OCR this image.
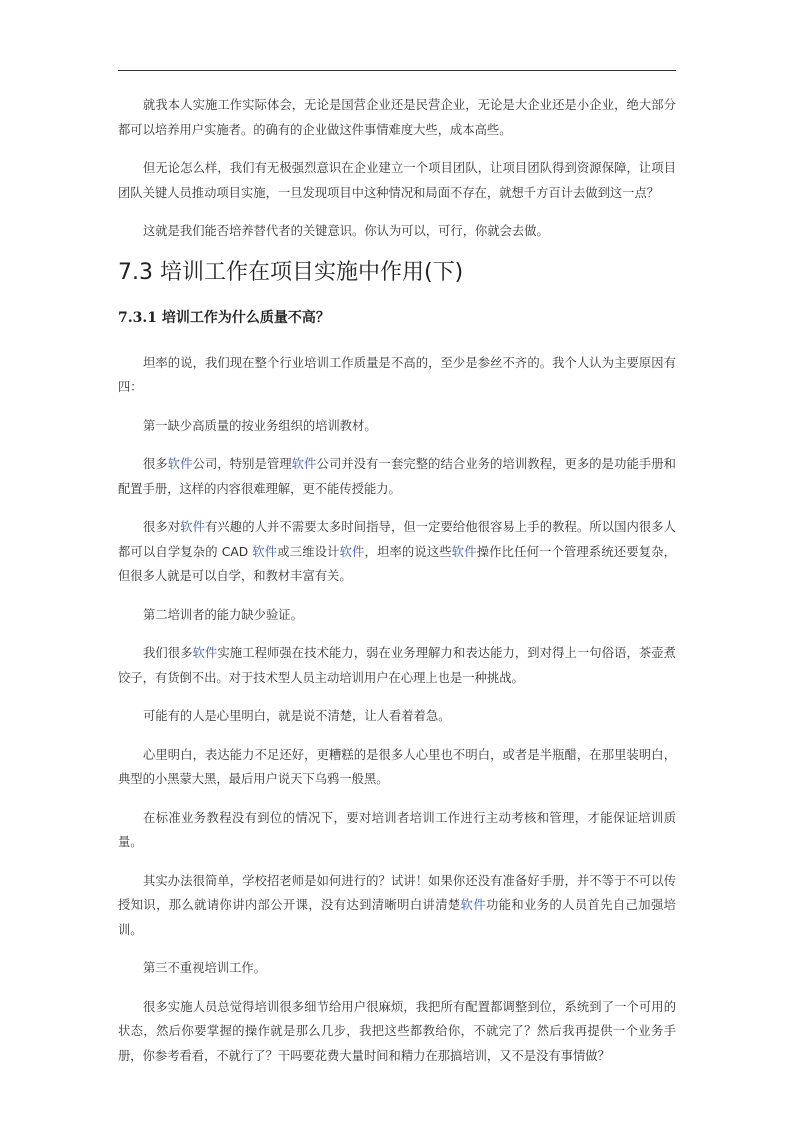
就我本人实施工作实际体会，无论是国营企业还是民营企业，无论是大企业还是小企业，绝大部分都可以培养用户实施者。的确有的企业做这件事情难度大些，成本高些。

但无论怎么样，我们有无极强烈意识在企业建立一个项目团队，让项目团队得到资源保障，让项目团队关键人员推动项目实施，一旦发现项目中这种情况和局面不存在，就想千方百计去做到这一点？

这就是我们能否培养替代者的关键意识。你认为可以，可行，你就会去做。

7.3 培训工作在项目实施中作用(下)
7.3.1 培训工作为什么质量不高？

坦率的说，我们现在整个行业培训工作质量是不高的，至少是参丝不齐的。我个人认为主要原因有四：

第一缺少高质量的按业务组织的培训教材。

很多软件公司，特别是管理软件公司并没有一套完整的结合业务的培训教程，更多的是功能手册和配置手册，这样的内容很难理解，更不能传授能力。

很多对软件有兴趣的人并不需要太多时间指导，但一定要给他很容易上手的教程。所以国内很多人都可以自学复杂的 CAD 软件或三维设计软件，坦率的说这些软件操作比任何一个管理系统还要复杂，但很多人就是可以自学，和教材丰富有关。

第二培训者的能力缺少验证。

我们很多软件实施工程师强在技术能力，弱在业务理解力和表达能力，到对得上一句俗语，茶壶煮饺子，有货倒不出。对于技术型人员主动培训用户在心理上也是一种挑战。

可能有的人是心里明白，就是说不清楚，让人看着着急。

心里明白，表达能力不足还好，更糟糕的是很多人心里也不明白，或者是半瓶醋，在那里装明白，典型的小黑蒙大黑，最后用户说天下乌鸦一般黑。

在标准业务教程没有到位的情况下，要对培训者培训工作进行主动考核和管理，才能保证培训质量。

其实办法很简单，学校招老师是如何进行的？试讲！如果你还没有准备好手册，并不等于不可以传授知识，那么就请你讲内部公开课，没有达到清晰明白讲清楚软件功能和业务的人员首先自己加强培训。

第三不重视培训工作。

很多实施人员总觉得培训很多细节给用户很麻烦，我把所有配置都调整到位，系统到了一个可用的状态，然后你要掌握的操作就是那么几步，我把这些都教给你，不就完了？然后我再提供一个业务手册，你参考看看，不就行了？干吗要花费大量时间和精力在那搞培训，又不是没有事情做？
